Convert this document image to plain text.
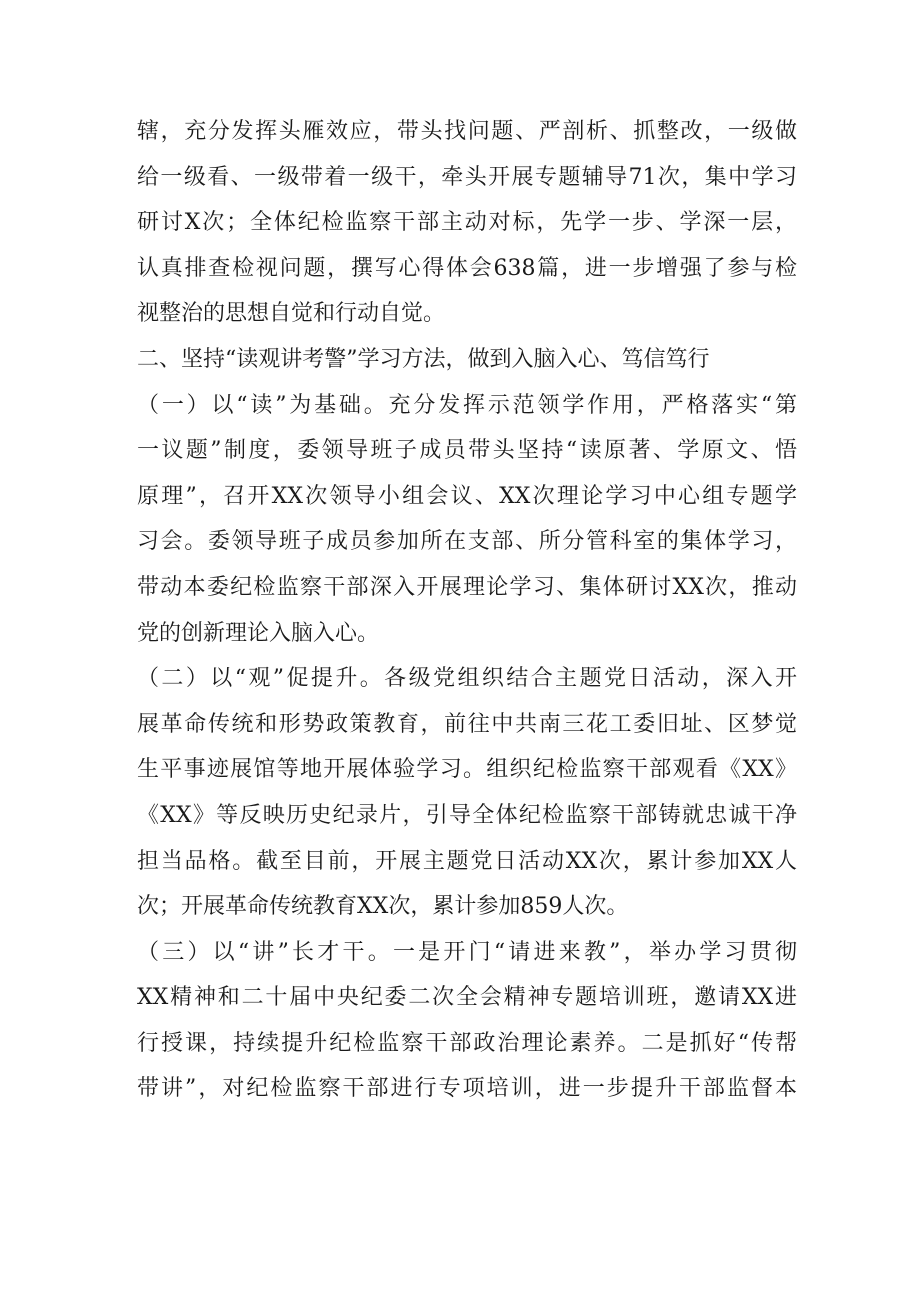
辖，充分发挥头雁效应，带头找问题、严剖析、抓整改，一级做
给一级看、一级带着一级干，牵头开展专题辅导71次，集中学习
研讨X次；全体纪检监察干部主动对标，先学一步、学深一层，
认真排查检视问题，撰写心得体会638篇，进一步增强了参与检
视整治的思想自觉和行动自觉。
二、坚持“读观讲考警”学习方法，做到入脑入心、笃信笃行
（一）以“读”为基础。充分发挥示范领学作用，严格落实“第
一议题”制度，委领导班子成员带头坚持“读原著、学原文、悟
原理”，召开XX次领导小组会议、XX次理论学习中心组专题学
习会。委领导班子成员参加所在支部、所分管科室的集体学习，
带动本委纪检监察干部深入开展理论学习、集体研讨XX次，推动
党的创新理论入脑入心。
（二）以“观”促提升。各级党组织结合主题党日活动，深入开
展革命传统和形势政策教育，前往中共南三花工委旧址、区梦觉
生平事迹展馆等地开展体验学习。组织纪检监察干部观看《XX》
《XX》等反映历史纪录片，引导全体纪检监察干部铸就忠诚干净
担当品格。截至目前，开展主题党日活动XX次，累计参加XX人
次；开展革命传统教育XX次，累计参加859人次。
（三）以“讲”长才干。一是开门“请进来教”，举办学习贯彻
XX精神和二十届中央纪委二次全会精神专题培训班，邀请XX进
行授课，持续提升纪检监察干部政治理论素养。二是抓好“传帮
带讲”，对纪检监察干部进行专项培训，进一步提升干部监督本
